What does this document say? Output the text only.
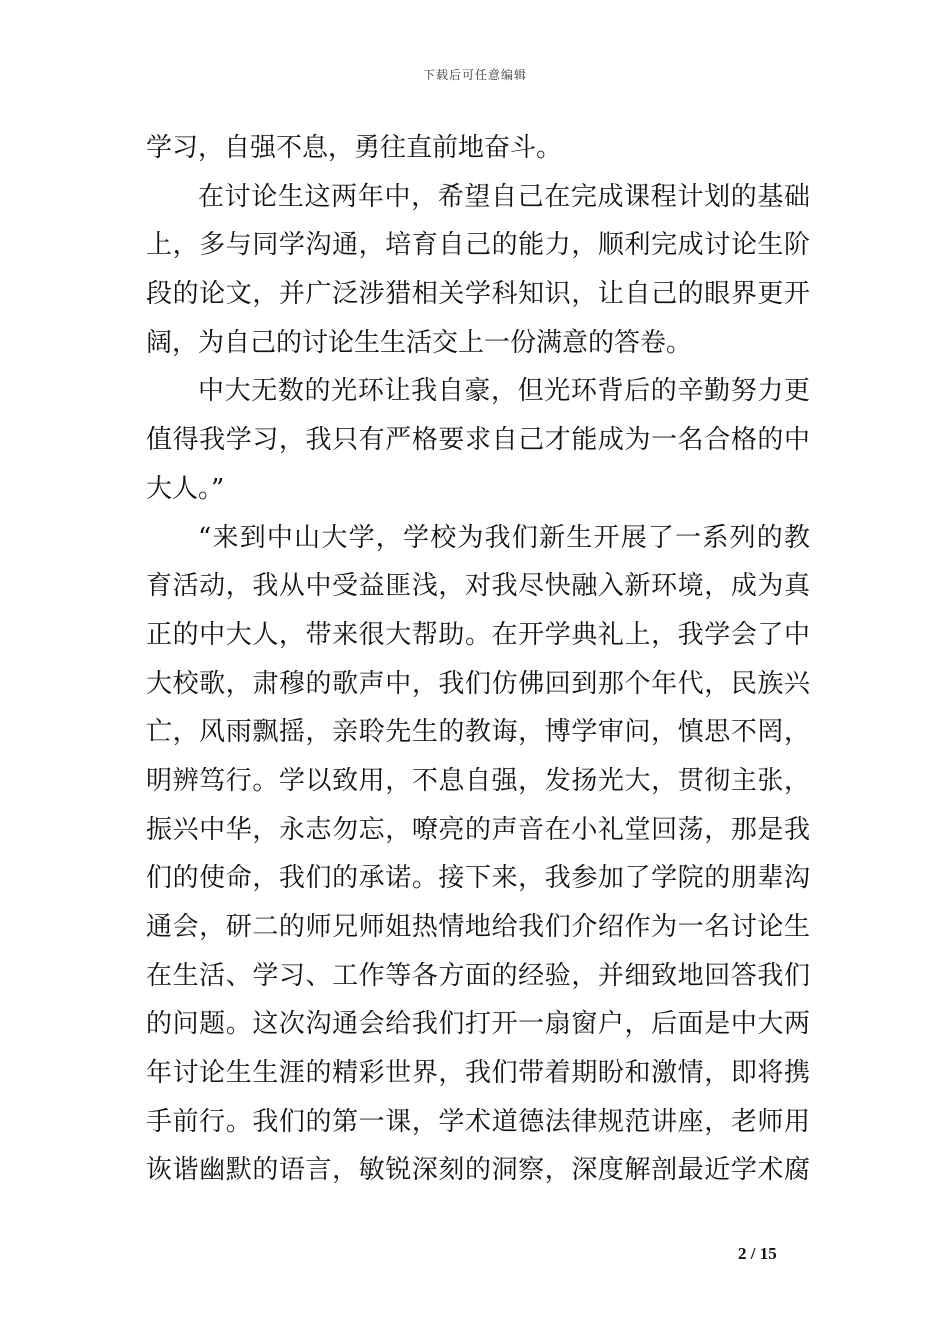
下载后可任意编辑
学习，自强不息，勇往直前地奋斗。
在讨论生这两年中，希望自己在完成课程计划的基础
上，多与同学沟通，培育自己的能力，顺利完成讨论生阶
段的论文，并广泛涉猎相关学科知识，让自己的眼界更开
阔，为自己的讨论生生活交上一份满意的答卷。
中大无数的光环让我自豪，但光环背后的辛勤努力更
值得我学习，我只有严格要求自己才能成为一名合格的中
大人。”
“来到中山大学，学校为我们新生开展了一系列的教
育活动，我从中受益匪浅，对我尽快融入新环境，成为真
正的中大人，带来很大帮助。在开学典礼上，我学会了中
大校歌，肃穆的歌声中，我们仿佛回到那个年代，民族兴
亡，风雨飘摇，亲聆先生的教诲，博学审问，慎思不罔，
明辨笃行。学以致用，不息自强，发扬光大，贯彻主张，
振兴中华，永志勿忘，嘹亮的声音在小礼堂回荡，那是我
们的使命，我们的承诺。接下来，我参加了学院的朋辈沟
通会，研二的师兄师姐热情地给我们介绍作为一名讨论生
在生活、学习、工作等各方面的经验，并细致地回答我们
的问题。这次沟通会给我们打开一扇窗户，后面是中大两
年讨论生生涯的精彩世界，我们带着期盼和激情，即将携
手前行。我们的第一课，学术道德法律规范讲座，老师用
诙谐幽默的语言，敏锐深刻的洞察，深度解剖最近学术腐
2 / 15
